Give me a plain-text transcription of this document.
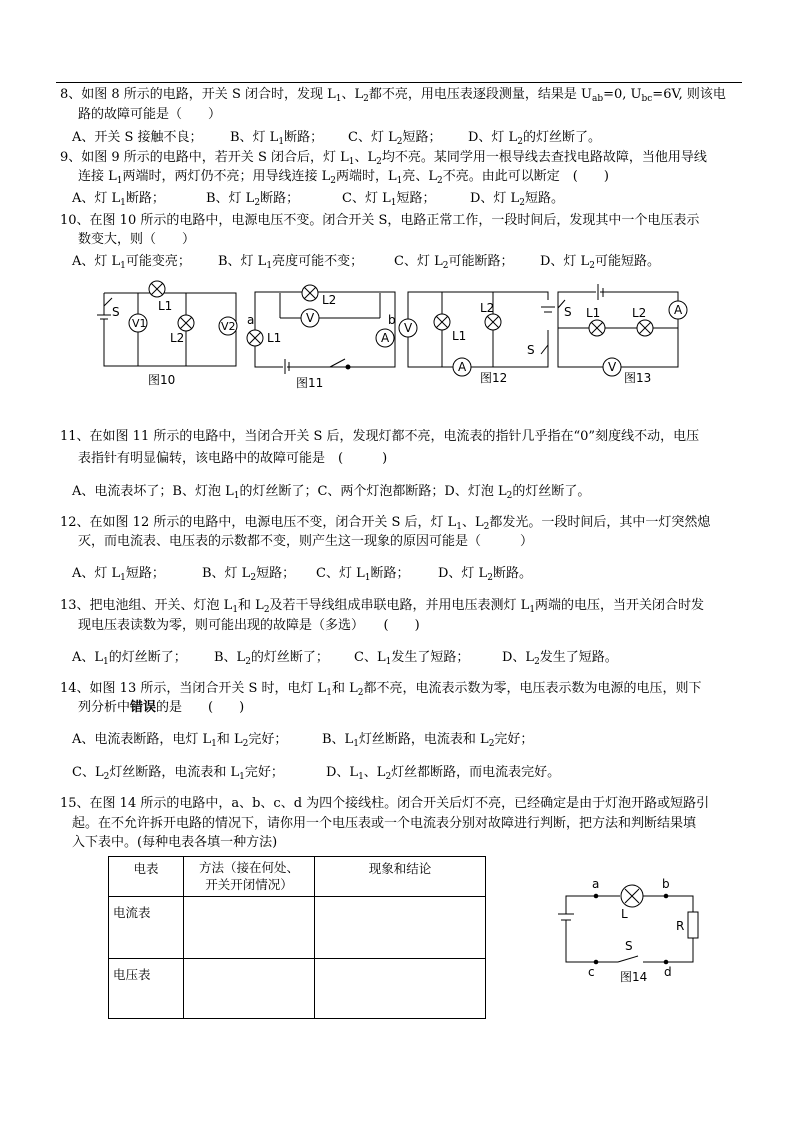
8、如图 8 所示的电路，开关 S 闭合时，发现 $L_1$、$L_2$都不亮，用电压表逐段测量，结果是 $U_{ab}=0$, $U_{bc}=6V$, 则该电
路的故障可能是（　　）
A、开关 S 接触不良； B、灯 $L_1$断路； C、灯 $L_2$短路； D、灯 $L_2$的灯丝断了。
9、如图 9 所示的电路中，若开关 S 闭合后，灯 $L_1$、$L_2$均不亮。某同学用一根导线去查找电路故障，当他用导线
连接 $L_1$两端时，两灯仍不亮；用导线连接 $L_2$两端时，$L_1$亮、$L_2$不亮。由此可以断定　(　　)
A、灯 $L_1$断路；	B、灯 $L_2$断路；	C、灯 $L_1$短路；	D、灯 $L_2$短路。
10、在图 10 所示的电路中，电源电压不变。闭合开关 S，电路正常工作，一段时间后，发现其中一个电压表示
数变大，则（　　）
A、灯 $L_1$可能变亮； B、灯 $L_1$亮度可能不变； C、灯 $L_2$可能断路； D、灯 $L_2$可能短路。
S
V1
L1
L2
V2
图10
L2
V
a
L1
b
A
图11
V
L1
L2
A
S
图12
S L1	L2 A
V
图13
11、在如图 11 所示的电路中，当闭合开关 S 后，发现灯都不亮，电流表的指针几乎指在“0”刻度线不动，电压
表指针有明显偏转，该电路中的故障可能是　(　　　)
A、电流表坏了；B、灯泡 $L_1$的灯丝断了；C、两个灯泡都断路；D、灯泡 $L_2$的灯丝断了。
12、在如图 12 所示的电路中，电源电压不变，闭合开关 S 后，灯 $L_1$、$L_2$都发光。一段时间后，其中一灯突然熄
灭，而电流表、电压表的示数都不变，则产生这一现象的原因可能是（　　　）
A、灯 $L_1$短路；	B、灯 $L_2$短路； C、灯 $L_1$断路； D、灯 $L_2$断路。
13、把电池组、开关、灯泡 $L_1$和 $L_2$及若干导线组成串联电路，并用电压表测灯 $L_1$两端的电压，当开关闭合时发
现电压表读数为零，则可能出现的故障是（多选）　　(　　)
A、$L_1$的灯丝断了； B、$L_2$的灯丝断了； C、$L_1$发生了短路；	D、$L_2$发生了短路。
14、如图 13 所示，当闭合开关 S 时，电灯 $L_1$和 $L_2$都不亮，电流表示数为零，电压表示数为电源的电压，则下
列分析中错误的是　　(　　)
A、电流表断路，电灯 $L_1$和 $L_2$完好；	B、$L_1$灯丝断路，电流表和 $L_2$完好；
C、$L_2$灯丝断路，电流表和 $L_1$完好；	D、$L_1$、$L_2$灯丝都断路，而电流表完好。
15、在图 14 所示的电路中，a、b、c、d 为四个接线柱。闭合开关后灯不亮，已经确定是由于灯泡开路或短路引
起。在不允许拆开电路的情况下，请你用一个电压表或一个电流表分别对故障进行判断，把方法和判断结果填
入下表中。(每种电表各填一种方法)
电表	方法（接在何处、
开关开闭情况）	现象和结论
电流表		
电压表		
a	b
L
R
S
c	d
图14
